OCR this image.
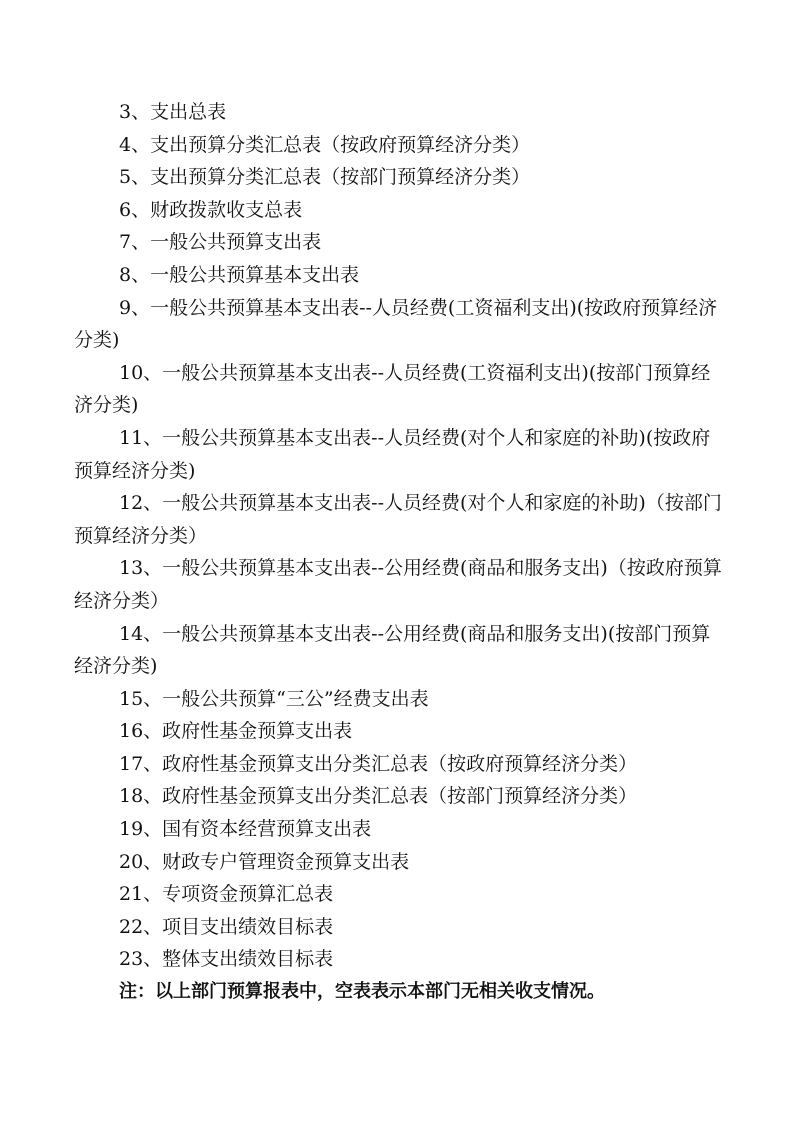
3、支出总表

4、支出预算分类汇总表（按政府预算经济分类）

5、支出预算分类汇总表（按部门预算经济分类）

6、财政拨款收支总表

7、一般公共预算支出表

8、一般公共预算基本支出表

9、一般公共预算基本支出表--人员经费(工资福利支出)(按政府预算经济分类)

10、一般公共预算基本支出表--人员经费(工资福利支出)(按部门预算经济分类)

11、一般公共预算基本支出表--人员经费(对个人和家庭的补助)(按政府预算经济分类)

12、一般公共预算基本支出表--人员经费(对个人和家庭的补助)（按部门预算经济分类）

13、一般公共预算基本支出表--公用经费(商品和服务支出)（按政府预算经济分类）

14、一般公共预算基本支出表--公用经费(商品和服务支出)(按部门预算经济分类)

15、一般公共预算“三公”经费支出表

16、政府性基金预算支出表

17、政府性基金预算支出分类汇总表（按政府预算经济分类）

18、政府性基金预算支出分类汇总表（按部门预算经济分类）

19、国有资本经营预算支出表

20、财政专户管理资金预算支出表

21、专项资金预算汇总表

22、项目支出绩效目标表

23、整体支出绩效目标表

注：以上部门预算报表中，空表表示本部门无相关收支情况。
